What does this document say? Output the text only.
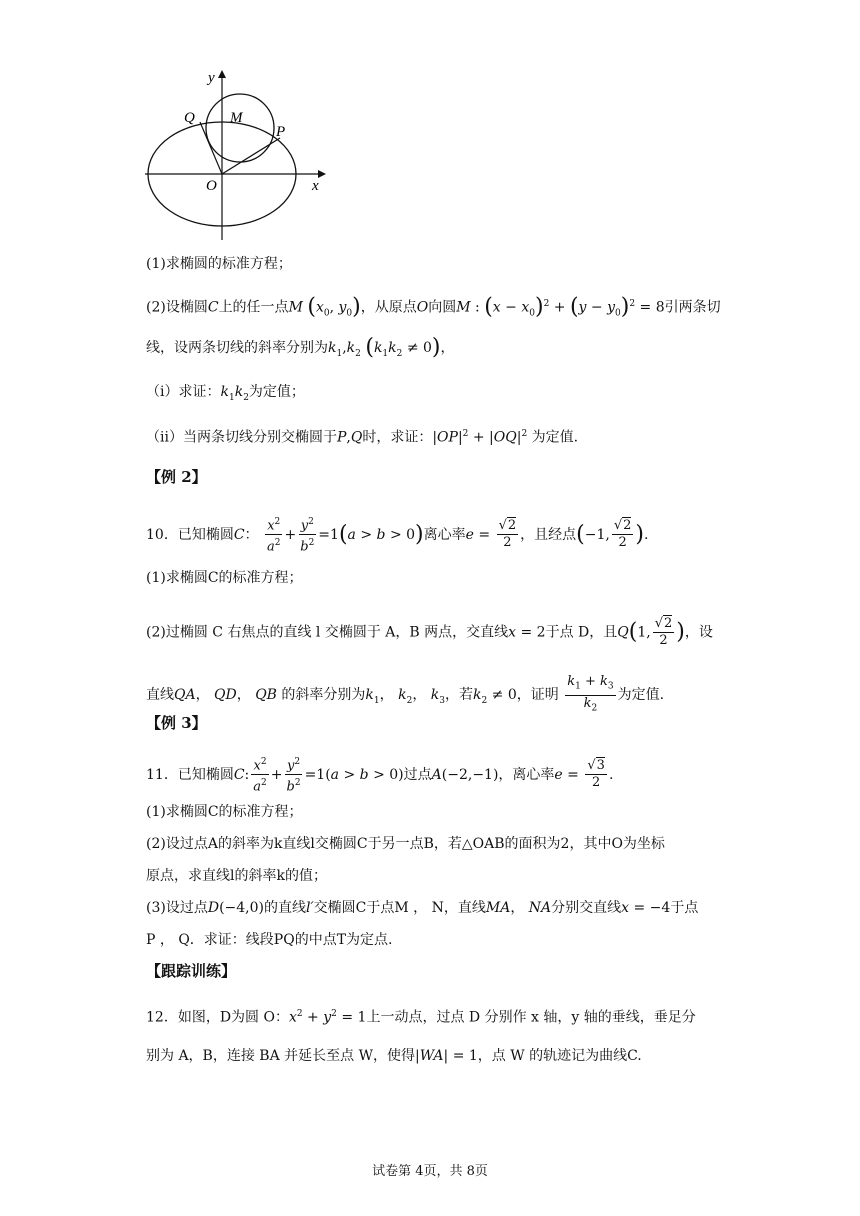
y
x
O
Q M
P
(1)求椭圆的标准方程；
(2)设椭圆C上的任一点M ($x_0$, $y_0$)，从原点O向圆M : $(x - x_0)^2 + (y - y_0)^2 = 8$引两条切
线，设两条切线的斜率分别为$k_1,k_2$ $(k_1k_2 \ne 0)$，
（i）求证：$k_1k_2$为定值；
（ii）当两条切线分别交椭圆于P,Q时，求证：$|OP|^2 + |OQ|^2$ 为定值.
【例 2】
10．已知椭圆C： $\frac{x^2}{a^2} + \frac{y^2}{b^2} =1(a > b > 0)$离心率$e = \frac{√2}{2}$ ，且经点(−1, $\frac{√2}{2}$ ).
(1)求椭圆C的标准方程；
(2)过椭圆 C 右焦点的直线 l 交椭圆于 A，B 两点，交直线x = 2于点 D，且Q(1, $\frac{√2}{2}$ )，设
直线QA， QD， QB 的斜率分别为$k_1$， $k_2$， $k_3$，若$k_2 \ne 0$，证明 $\frac{k_1 + k_3}{k_2}$ 为定值.
【例 3】
11．已知椭圆C: $\frac{x^2}{a^2} + \frac{y^2}{b^2} =1(a > b > 0)$过点A(−2,−1)，离心率$e = \frac{√3}{2}$ .
(1)求椭圆C的标准方程；
(2)设过点A的斜率为k直线l交椭圆C于另一点B，若△OAB的面积为2，其中O为坐标
原点，求直线l的斜率k的值；
(3)设过点D(−4,0)的直线l′交椭圆C于点M ， N，直线MA， NA分别交直线x = −4于点
P ， Q．求证：线段PQ的中点T为定点.
【跟踪训练】
12．如图，D为圆 O：$x^2 + y^2 = 1$上一动点，过点 D 分别作 x 轴，y 轴的垂线，垂足分
别为 A，B，连接 BA 并延长至点 W，使得|WA| = 1，点 W 的轨迹记为曲线C.
试卷第 4页，共 8页
